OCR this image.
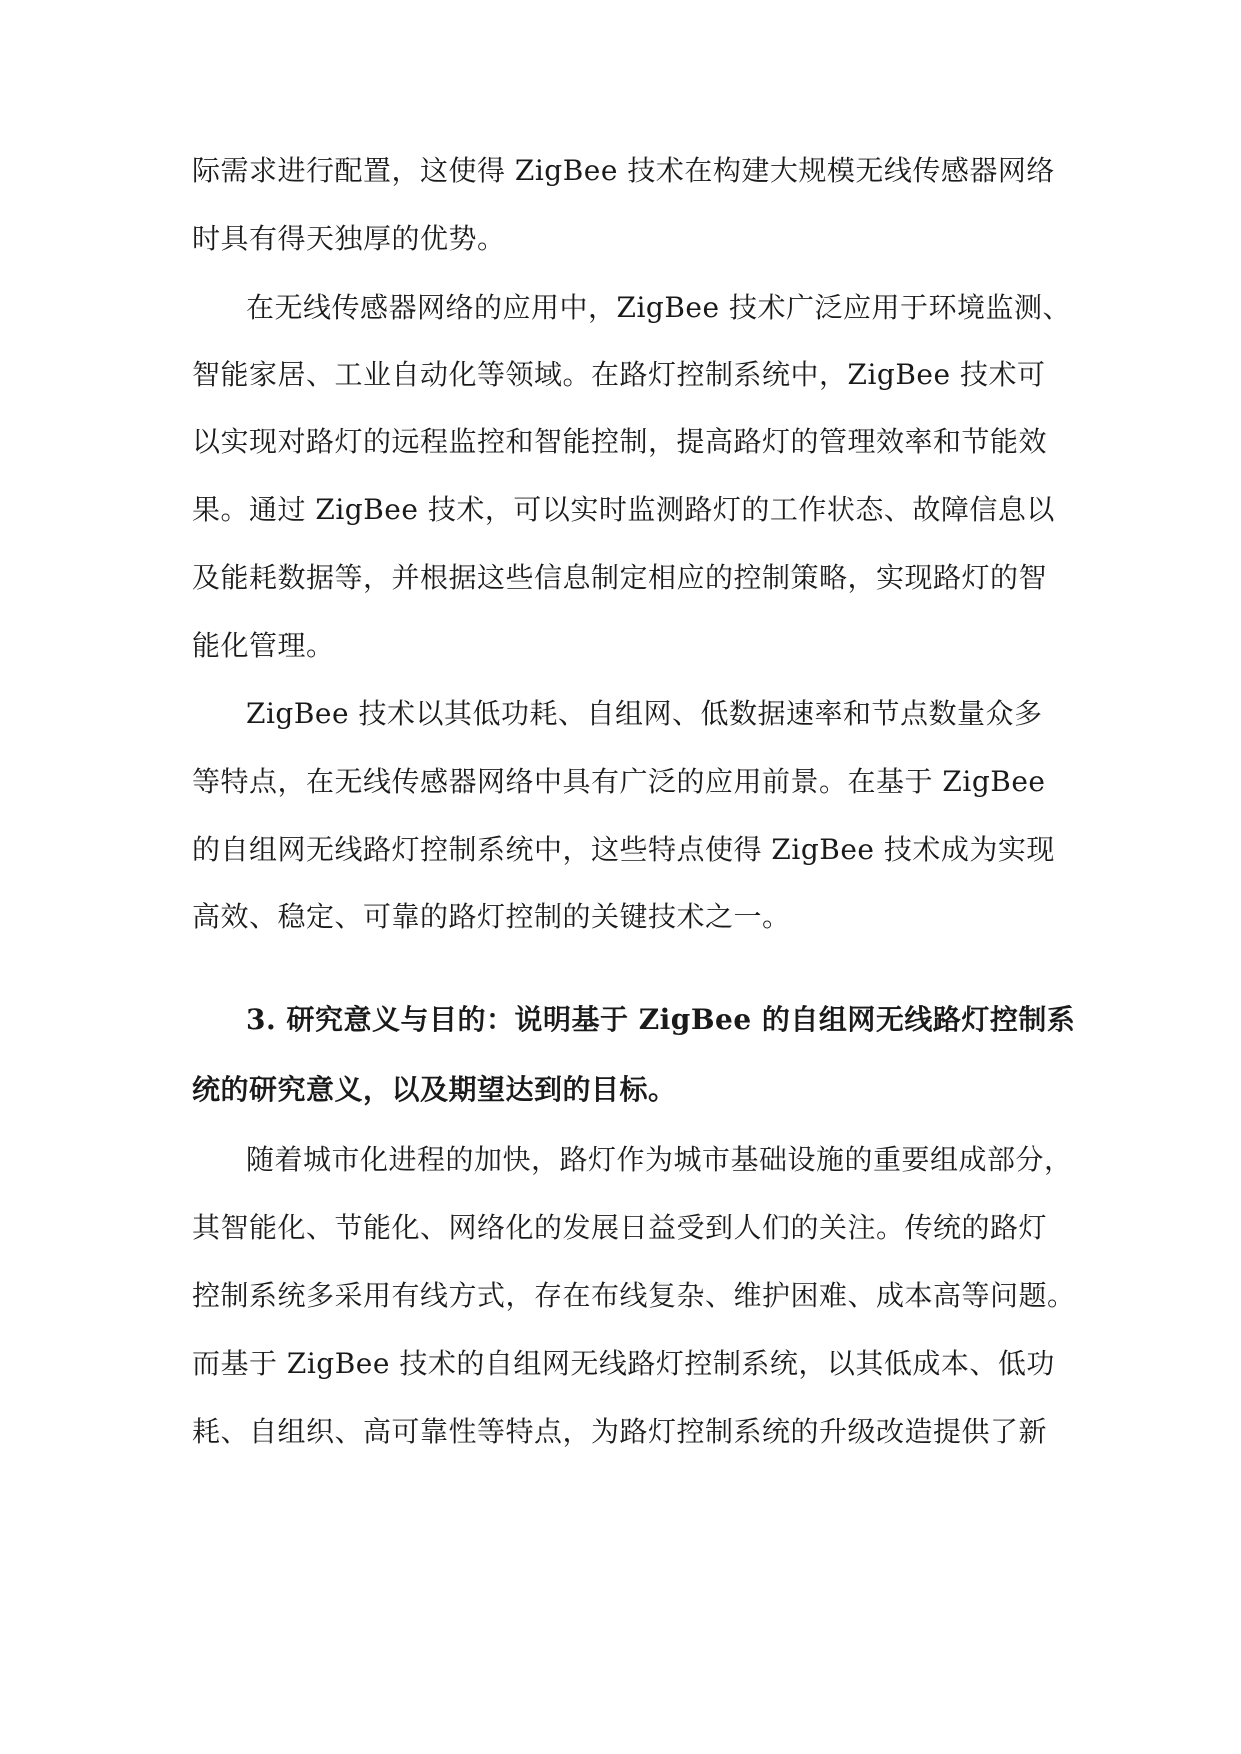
际需求进行配置，这使得 ZigBee 技术在构建大规模无线传感器网络
时具有得天独厚的优势。
在无线传感器网络的应用中，ZigBee 技术广泛应用于环境监测、
智能家居、工业自动化等领域。在路灯控制系统中，ZigBee 技术可
以实现对路灯的远程监控和智能控制，提高路灯的管理效率和节能效
果。通过 ZigBee 技术，可以实时监测路灯的工作状态、故障信息以
及能耗数据等，并根据这些信息制定相应的控制策略，实现路灯的智
能化管理。
ZigBee 技术以其低功耗、自组网、低数据速率和节点数量众多
等特点，在无线传感器网络中具有广泛的应用前景。在基于 ZigBee
的自组网无线路灯控制系统中，这些特点使得 ZigBee 技术成为实现
高效、稳定、可靠的路灯控制的关键技术之一。
3. 研究意义与目的：说明基于 ZigBee 的自组网无线路灯控制系
统的研究意义，以及期望达到的目标。
随着城市化进程的加快，路灯作为城市基础设施的重要组成部分，
其智能化、节能化、网络化的发展日益受到人们的关注。传统的路灯
控制系统多采用有线方式，存在布线复杂、维护困难、成本高等问题。
而基于 ZigBee 技术的自组网无线路灯控制系统，以其低成本、低功
耗、自组织、高可靠性等特点，为路灯控制系统的升级改造提供了新
